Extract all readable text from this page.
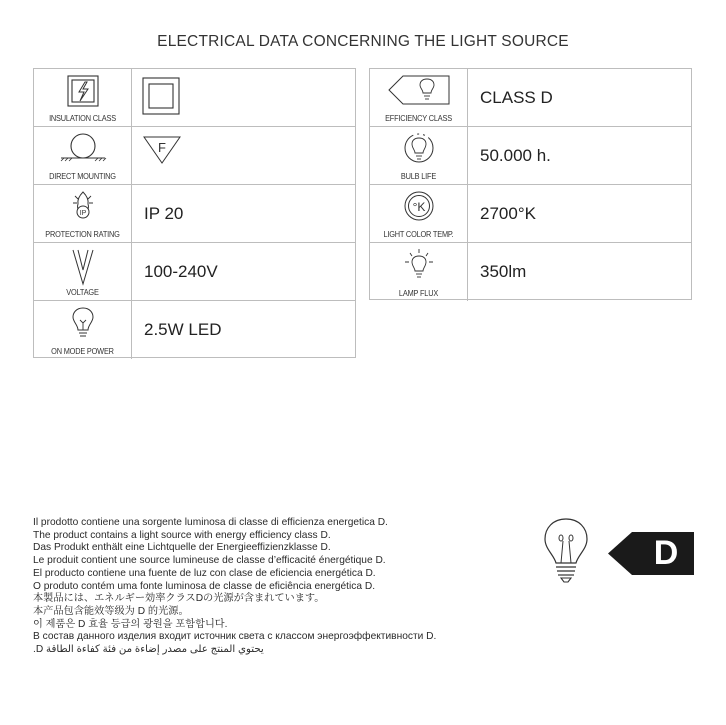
ELECTRICAL DATA CONCERNING THE LIGHT SOURCE
INSULATION CLASS
DIRECT MOUNTING
F
IP
PROTECTION RATING
IP 20
VOLTAGE
100-240V
ON MODE POWER
2.5W LED
EFFICIENCY CLASS
CLASS D
BULB LIFE
50.000 h.
°K
LIGHT COLOR TEMP.
2700°K
LAMP FLUX
350lm
Il prodotto contiene una sorgente luminosa di classe di efficienza energetica D.
The product contains a light source with energy efficiency class D.
Das Produkt enthält eine Lichtquelle der Energieeffizienzklasse D.
Le produit contient une source lumineuse de classe d’efficacité énergétique D.
El producto contiene una fuente de luz con clase de eficiencia energética D.
O produto contém uma fonte luminosa de classe de eficiência energética D.
本製品には、エネルギー効率クラスDの光源が含まれています。
本产品包含能效等级为 D 的光源。
이 제품은 D 효율 등급의 광원을 포함합니다.
В состав данного изделия входит источник света с классом энергоэффективности D.
يحتوي المنتج على مصدر إضاءة من فئة كفاءة الطاقة D.
D
